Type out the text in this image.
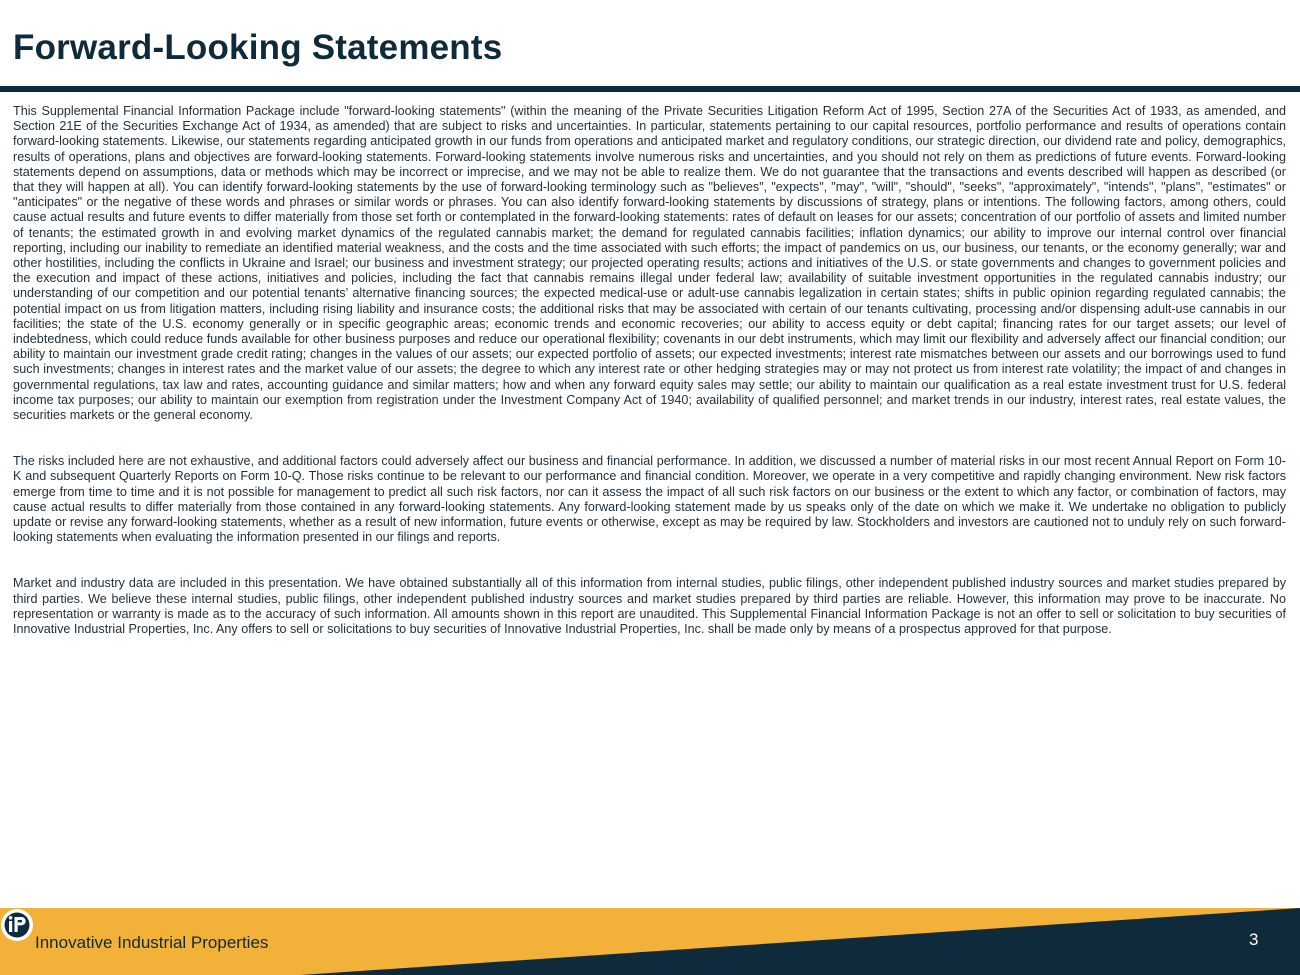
Forward-Looking Statements

This Supplemental Financial Information Package include "forward-looking statements" (within the meaning of the Private Securities Litigation Reform Act of 1995, Section 27A of the Securities Act of 1933, as amended, and Section 21E of the Securities Exchange Act of 1934, as amended) that are subject to risks and uncertainties. In particular, statements pertaining to our capital resources, portfolio performance and results of operations contain forward-looking statements. Likewise, our statements regarding anticipated growth in our funds from operations and anticipated market and regulatory conditions, our strategic direction, our dividend rate and policy, demographics, results of operations, plans and objectives are forward-looking statements. Forward-looking statements involve numerous risks and uncertainties, and you should not rely on them as predictions of future events. Forward-looking statements depend on assumptions, data or methods which may be incorrect or imprecise, and we may not be able to realize them. We do not guarantee that the transactions and events described will happen as described (or that they will happen at all). You can identify forward-looking statements by the use of forward-looking terminology such as "believes", "expects", "may", "will", "should", "seeks", "approximately", "intends", "plans", "estimates" or "anticipates" or the negative of these words and phrases or similar words or phrases. You can also identify forward-looking statements by discussions of strategy, plans or intentions. The following factors, among others, could cause actual results and future events to differ materially from those set forth or contemplated in the forward-looking statements: rates of default on leases for our assets; concentration of our portfolio of assets and limited number of tenants; the estimated growth in and evolving market dynamics of the regulated cannabis market; the demand for regulated cannabis facilities; inflation dynamics; our ability to improve our internal control over financial reporting, including our inability to remediate an identified material weakness, and the costs and the time associated with such efforts; the impact of pandemics on us, our business, our tenants, or the economy generally; war and other hostilities, including the conflicts in Ukraine and Israel; our business and investment strategy; our projected operating results; actions and initiatives of the U.S. or state governments and changes to government policies and the execution and impact of these actions, initiatives and policies, including the fact that cannabis remains illegal under federal law; availability of suitable investment opportunities in the regulated cannabis industry; our understanding of our competition and our potential tenants’ alternative financing sources; the expected medical-use or adult-use cannabis legalization in certain states; shifts in public opinion regarding regulated cannabis; the potential impact on us from litigation matters, including rising liability and insurance costs; the additional risks that may be associated with certain of our tenants cultivating, processing and/or dispensing adult-use cannabis in our facilities; the state of the U.S. economy generally or in specific geographic areas; economic trends and economic recoveries; our ability to access equity or debt capital; financing rates for our target assets; our level of indebtedness, which could reduce funds available for other business purposes and reduce our operational flexibility; covenants in our debt instruments, which may limit our flexibility and adversely affect our financial condition; our ability to maintain our investment grade credit rating; changes in the values of our assets; our expected portfolio of assets; our expected investments; interest rate mismatches between our assets and our borrowings used to fund such investments; changes in interest rates and the market value of our assets; the degree to which any interest rate or other hedging strategies may or may not protect us from interest rate volatility; the impact of and changes in governmental regulations, tax law and rates, accounting guidance and similar matters; how and when any forward equity sales may settle; our ability to maintain our qualification as a real estate investment trust for U.S. federal income tax purposes; our ability to maintain our exemption from registration under the Investment Company Act of 1940; availability of qualified personnel; and market trends in our industry, interest rates, real estate values, the securities markets or the general economy.

The risks included here are not exhaustive, and additional factors could adversely affect our business and financial performance. In addition, we discussed a number of material risks in our most recent Annual Report on Form 10-K and subsequent Quarterly Reports on Form 10-Q. Those risks continue to be relevant to our performance and financial condition. Moreover, we operate in a very competitive and rapidly changing environment. New risk factors emerge from time to time and it is not possible for management to predict all such risk factors, nor can it assess the impact of all such risk factors on our business or the extent to which any factor, or combination of factors, may cause actual results to differ materially from those contained in any forward-looking statements. Any forward-looking statement made by us speaks only of the date on which we make it. We undertake no obligation to publicly update or revise any forward-looking statements, whether as a result of new information, future events or otherwise, except as may be required by law. Stockholders and investors are cautioned not to unduly rely on such forward-looking statements when evaluating the information presented in our filings and reports.

Market and industry data are included in this presentation. We have obtained substantially all of this information from internal studies, public filings, other independent published industry sources and market studies prepared by third parties. We believe these internal studies, public filings, other independent published industry sources and market studies prepared by third parties are reliable. However, this information may prove to be inaccurate. No representation or warranty is made as to the accuracy of such information. All amounts shown in this report are unaudited. This Supplemental Financial Information Package is not an offer to sell or solicitation to buy securities of Innovative Industrial Properties, Inc. Any offers to sell or solicitations to buy securities of Innovative Industrial Properties, Inc. shall be made only by means of a prospectus approved for that purpose.

Innovative Industrial Properties	3
